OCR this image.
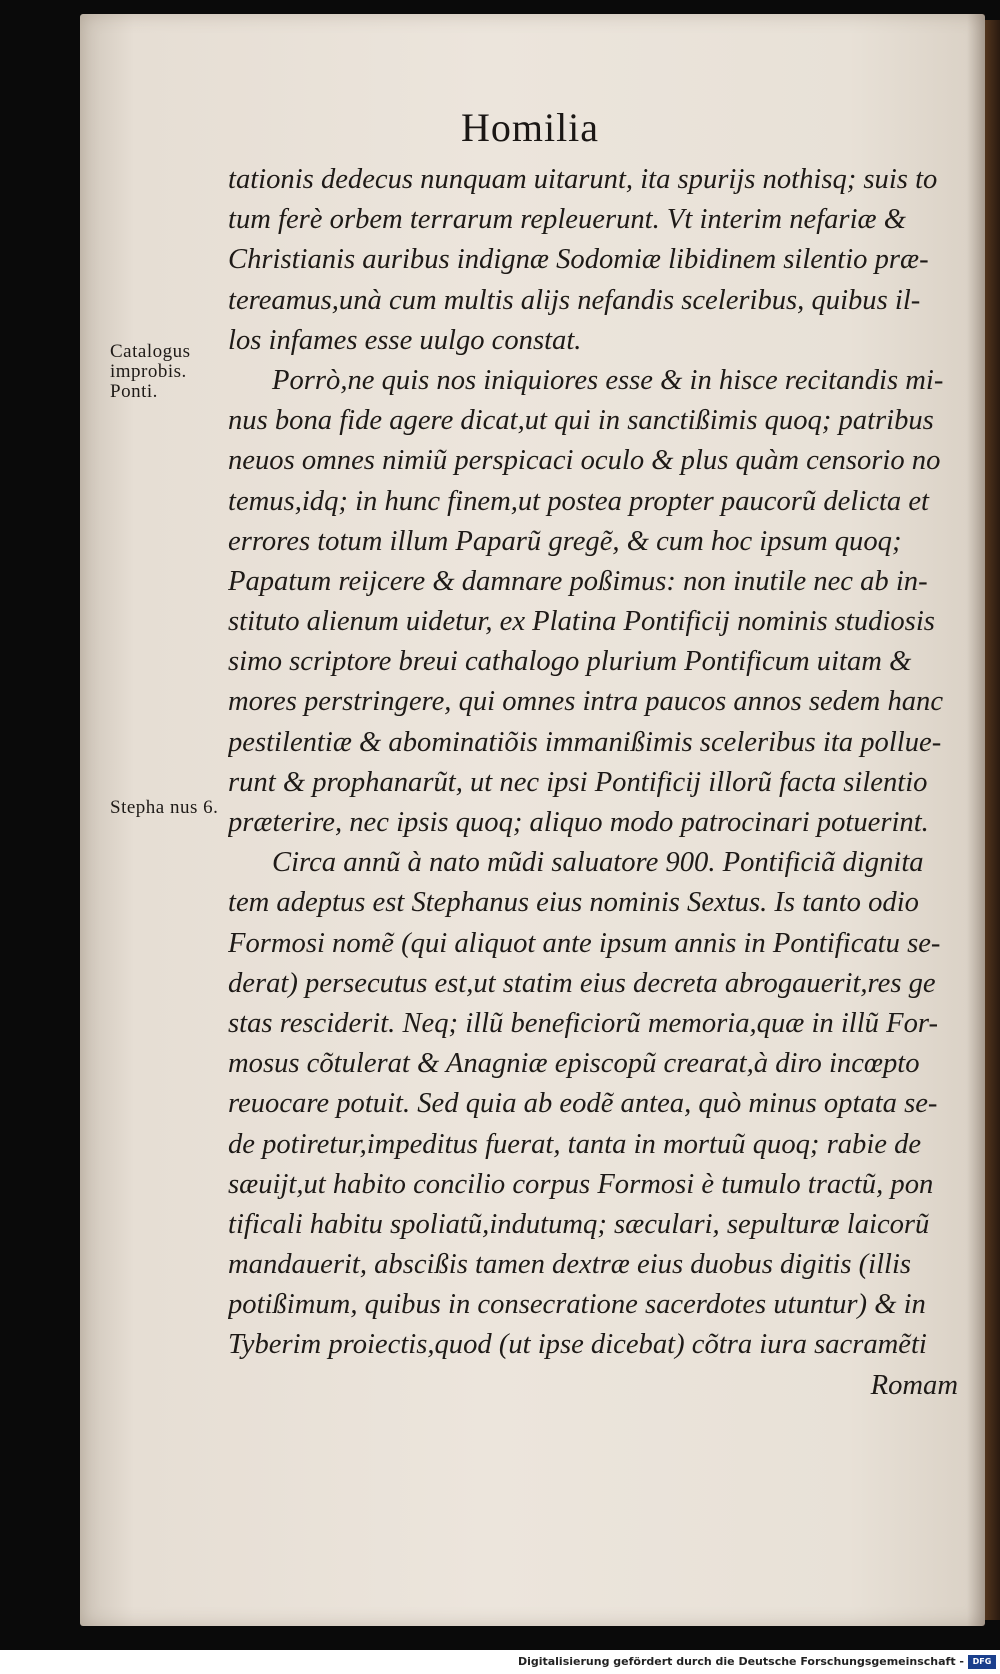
Homilia
Catalogus improbis. Ponti.
Stepha nus 6.
tationis dedecus nunquam uitarunt, ita spurijs nothisq; suis to
tum ferè orbem terrarum repleuerunt. Vt interim nefariæ &
Christianis auribus indignæ Sodomiæ libidinem silentio præ-
tereamus,unà cum multis alijs nefandis sceleribus, quibus il-
los infames esse uulgo constat.
Porrò,ne quis nos iniquiores esse & in hisce recitandis mi-
nus bona fide agere dicat,ut qui in sanctißimis quoq; patribus
neuos omnes nimiũ perspicaci oculo & plus quàm censorio no
temus,idq; in hunc finem,ut postea propter paucorũ delicta et
errores totum illum Paparũ gregẽ, & cum hoc ipsum quoq;
Papatum reijcere & damnare poßimus: non inutile nec ab in-
stituto alienum uidetur, ex Platina Pontificij nominis studiosis
simo scriptore breui cathalogo plurium Pontificum uitam &
mores perstringere, qui omnes intra paucos annos sedem hanc
pestilentiæ & abominatiõis immanißimis sceleribus ita pollue-
runt & prophanarũt, ut nec ipsi Pontificij illorũ facta silentio
præterire, nec ipsis quoq; aliquo modo patrocinari potuerint.
Circa annũ à nato mũdi saluatore 900. Pontificiã dignita
tem adeptus est Stephanus eius nominis Sextus. Is tanto odio
Formosi nomẽ (qui aliquot ante ipsum annis in Pontificatu se-
derat) persecutus est,ut statim eius decreta abrogauerit,res ge
stas resciderit. Neq; illũ beneficiorũ memoria,quæ in illũ For-
mosus cõtulerat & Anagniæ episcopũ crearat,à diro incœpto
reuocare potuit. Sed quia ab eodẽ antea, quò minus optata se-
de potiretur,impeditus fuerat, tanta in mortuũ quoq; rabie de
sæuijt,ut habito concilio corpus Formosi è tumulo tractũ, pon
tificali habitu spoliatũ,indutumq; sæculari, sepulturæ laicorũ
mandauerit, abscißis tamen dextræ eius duobus digitis (illis
potißimum, quibus in consecratione sacerdotes utuntur) & in
Tyberim proiectis,quod (ut ipse dicebat) cõtra iura sacramẽti
Romam
Digitalisierung gefördert durch die Deutsche Forschungsgemeinschaft -	DFG
